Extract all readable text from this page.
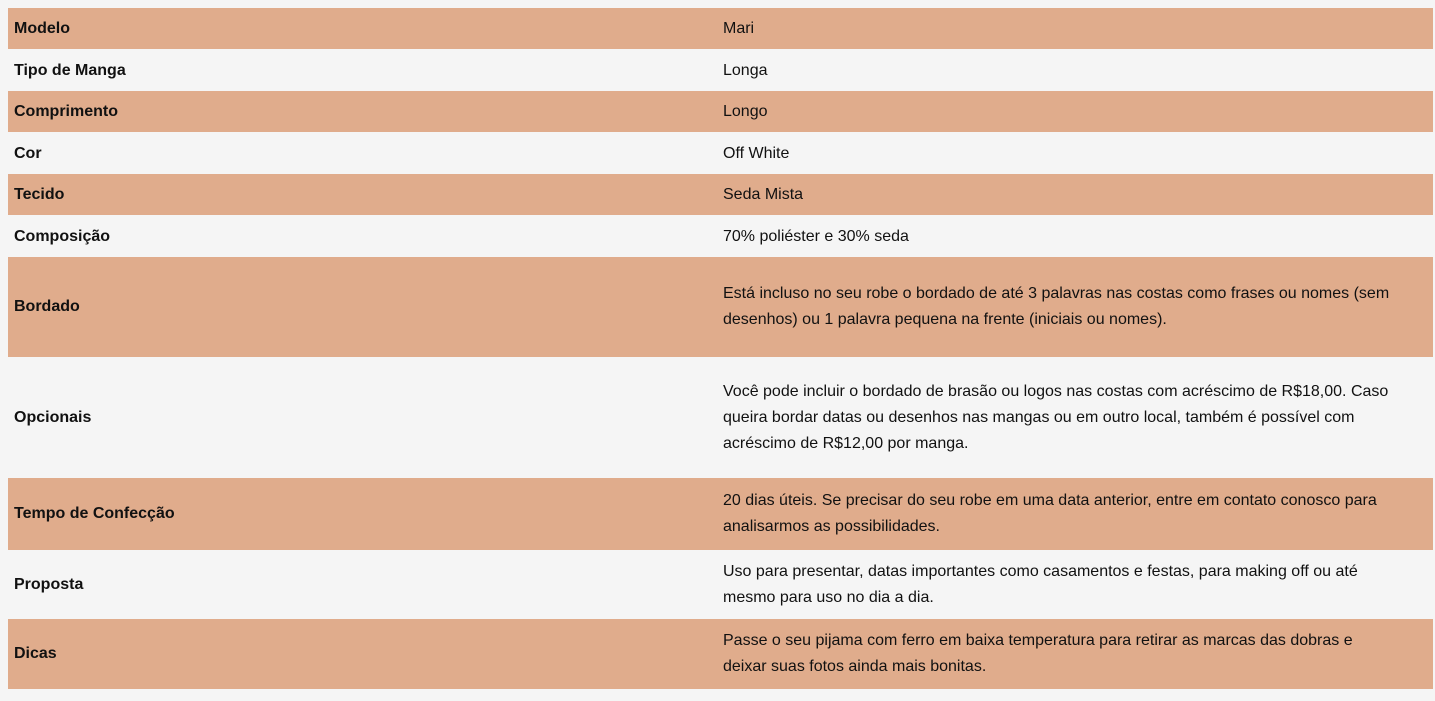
Modelo	Mari
Tipo de Manga	Longa
Comprimento	Longo
Cor	Off White
Tecido	Seda Mista
Composição	70% poliéster e 30% seda
Bordado	Está incluso no seu robe o bordado de até 3 palavras nas costas como frases ou nomes (sem desenhos) ou 1 palavra pequena na frente (iniciais ou nomes).
Opcionais	Você pode incluir o bordado de brasão ou logos nas costas com acréscimo de R$18,00. Caso queira bordar datas ou desenhos nas mangas ou em outro local, também é possível com acréscimo de R$12,00 por manga.
Tempo de Confecção	20 dias úteis. Se precisar do seu robe em uma data anterior, entre em contato conosco para analisarmos as possibilidades.
Proposta	Uso para presentar, datas importantes como casamentos e festas, para making off ou até mesmo para uso no dia a dia.
Dicas	Passe o seu pijama com ferro em baixa temperatura para retirar as marcas das dobras e deixar suas fotos ainda mais bonitas.
